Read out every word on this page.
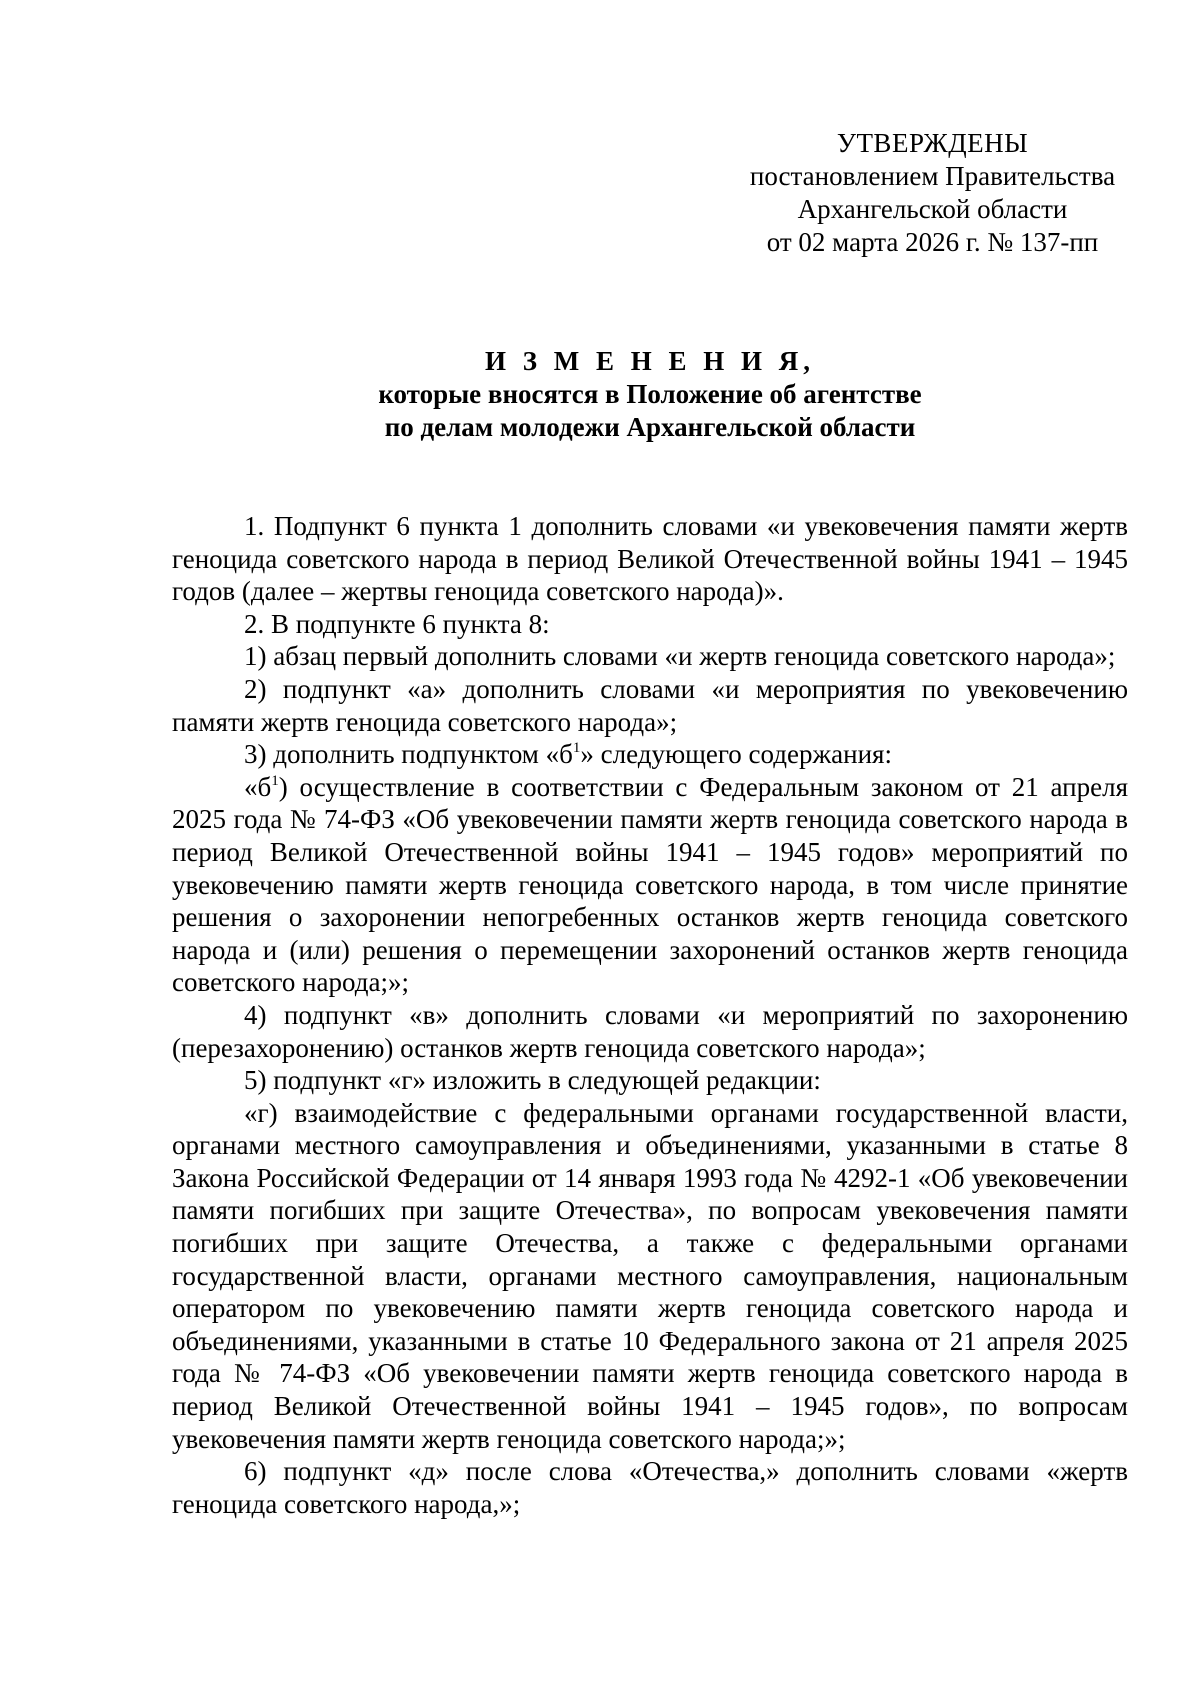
УТВЕРЖДЕНЫ
постановлением Правительства
Архангельской области
от 02 марта 2026 г. № 137-пп
И З М Е Н Е Н И Я,
которые вносятся в Положение об агентстве
по делам молодежи Архангельской области

1. Подпункт 6 пункта 1 дополнить словами «и увековечения памяти жертв геноцида советского народа в период Великой Отечественной войны 1941 – 1945 годов (далее – жертвы геноцида советского народа)».

2. В подпункте 6 пункта 8:

1) абзац первый дополнить словами «и жертв геноцида советского народа»;

2) подпункт «а» дополнить словами «и мероприятия по увековечению памяти жертв геноцида советского народа»;

3) дополнить подпунктом «$б^1$» следующего содержания:

«$б^1$) осуществление в соответствии с Федеральным законом от 21 апреля 2025 года № 74-ФЗ «Об увековечении памяти жертв геноцида советского народа в период Великой Отечественной войны 1941 – 1945 годов» мероприятий по увековечению памяти жертв геноцида советского народа, в том числе принятие решения о захоронении непогребенных останков жертв геноцида советского народа и (или) решения о перемещении захоронений останков жертв геноцида советского народа;»;

4) подпункт «в» дополнить словами «и мероприятий по захоронению (перезахоронению) останков жертв геноцида советского народа»;

5) подпункт «г» изложить в следующей редакции:

«г) взаимодействие с федеральными органами государственной власти, органами местного самоуправления и объединениями, указанными в статье 8 Закона Российской Федерации от 14 января 1993 года № 4292-1 «Об увековечении памяти погибших при защите Отечества», по вопросам увековечения памяти погибших при защите Отечества, а также с федеральными органами государственной власти, органами местного самоуправления, национальным оператором по увековечению памяти жертв геноцида советского народа и объединениями, указанными в статье 10 Федерального закона от 21 апреля 2025 года № 74-ФЗ «Об увековечении памяти жертв геноцида советского народа в период Великой Отечественной войны 1941 – 1945 годов», по вопросам увековечения памяти жертв геноцида советского народа;»;

6) подпункт «д» после слова «Отечества,» дополнить словами «жертв геноцида советского народа,»;
